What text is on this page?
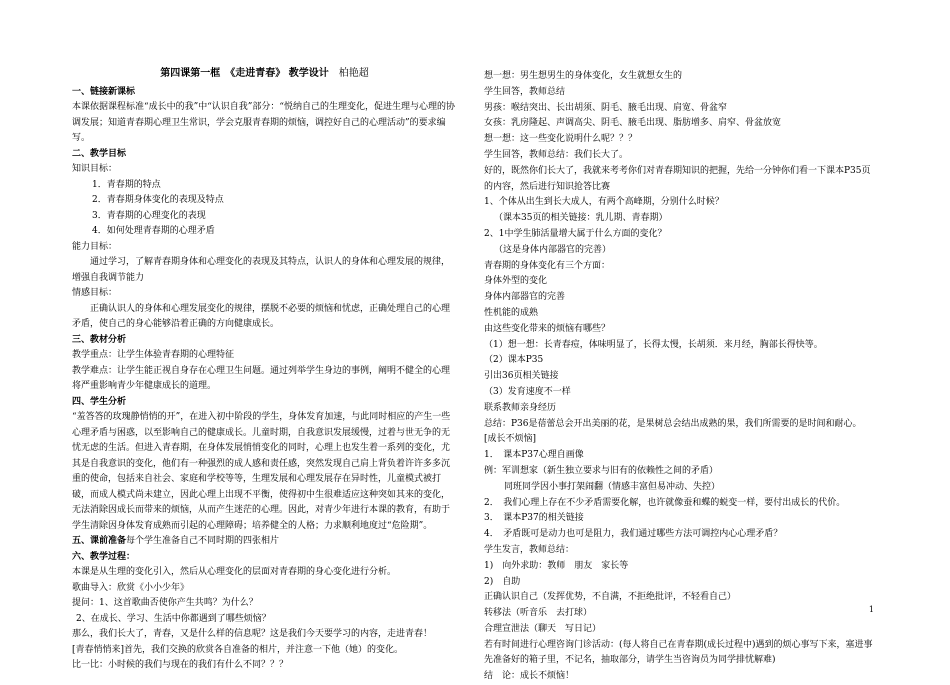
第四课第一框　《走进青春》 教学设计 柏艳超
一、链接新课标
本课依据课程标准“成长中的我”中“认识自我”部分：“悦纳自己的生理变化，促进生理与心理的协调发展；知道青春期心理卫生常识，学会克服青春期的烦恼，调控好自己的心理活动”的要求编写。
二、教学目标
知识目标：
1．青春期的特点
2．青春期身体变化的表现及特点
3．青春期的心理变化的表现
4．如何处理青春期的心理矛盾
能力目标：
通过学习，了解青春期身体和心理变化的表现及其特点，认识人的身体和心理发展的规律，增强自我调节能力
情感目标：
正确认识人的身体和心理发展变化的规律，摆脱不必要的烦恼和忧虑，正确处理自己的心理矛盾，使自己的身心能够沿着正确的方向健康成长。
三、教材分析
教学重点：让学生体验青春期的心理特征
教学难点：让学生能正视自身存在心理卫生问题。通过列举学生身边的事例，阐明不健全的心理将严重影响青少年健康成长的道理。
四、学生分析
“羞答答的玫瑰静悄悄的开”，在进入初中阶段的学生，身体发育加速，与此同时相应的产生一些心理矛盾与困惑，以至影响自己的健康成长。儿童时期，自我意识发展缓慢，过着与世无争的无忧无虑的生活。但进入青春期，在身体发展悄悄变化的同时，心理上也发生着一系列的变化，尤其是自我意识的变化，他们有一种强烈的成人感和责任感，突然发现自己肩上背负着许许多多沉重的使命，包括来自社会、家庭和学校等等，生理发展和心理发展存在异时性，儿童模式被打破，而成人模式尚未建立，因此心理上出现不平衡，使得初中生很难适应这种突如其来的变化，无法消除因成长而带来的烦恼，从而产生迷茫的心理。因此，对青少年进行本课的教育，有助于学生清除因身体发育成熟而引起的心理障碍；培养健全的人格；力求顺利地度过“危险期”。
五、课前准备每个学生准备自己不同时期的四张相片
六、教学过程：
本课是从生理的变化引入，然后从心理变化的层面对青春期的身心变化进行分析。
歌曲导入：欣赏《小小少年》
提问：1、这首歌曲否使你产生共鸣？为什么？
2、在成长、学习、生活中你都遇到了哪些烦恼？
那么，我们长大了，青春，又是什么样的信息呢？这是我们今天要学习的内容，走进青春！
[青春悄悄来]首先，我们交换的欣赏各自准备的相片，并注意一下他（她）的变化。
比一比：小时候的我们与现在的我们有什么不同？？？
想一想：男生想男生的身体变化，女生就想女生的
学生回答，教师总结
男孩：喉结突出、长出胡须、阴毛、腋毛出现、肩宽、骨盆窄
女孩：乳房隆起、声调高尖、阴毛、腋毛出现、脂肪增多、肩窄、骨盆放宽
想一想：这一些变化说明什么呢？？？
学生回答，教师总结：我们长大了。
好的，既然你们长大了，我就来考考你们对青春期知识的把握，先给一分钟你们看一下课本P35页的内容，然后进行知识抢答比赛
1、个体从出生到长大成人，有两个高峰期，分别什么时候？
（课本35页的相关链接：乳儿期、青春期）
2、1中学生肺活量增大属于什么方面的变化？
（这是身体内部器官的完善）
青春期的身体变化有三个方面：
身体外型的变化
身体内部器官的完善
性机能的成熟
由这些变化带来的烦恼有哪些？
（1）想一想：长青春痘，体味明显了，长得太慢，长胡须．来月经，胸部长得快等。
（2）课本P35
引出36页相关链接
（3）发育速度不一样
联系教师亲身经历
总结：P36是蓓蕾总会开出美丽的花，是果树总会结出成熟的果，我们所需要的是时间和耐心。
[成长不烦恼]
1．　课本P37心理自画像
例：军训想家（新生独立要求与旧有的依赖性之间的矛盾）
同班同学因小事打架闹翻（情感丰富但易冲动、失控）
2．　我们心理上存在不少矛盾需要化解，也许就像蚕和蝶的蜕变一样，要付出成长的代价。
3．　课本P37的相关链接
4．　矛盾既可是动力也可是阻力，我们通过哪些方法可调控内心心理矛盾？
学生发言，教师总结：
1)　向外求助：教师　朋友　家长等
2)　自助
正确认识自己（发挥优势，不自满，不拒绝批评，不轻看自己）
转移法（听音乐　去打球）
合理宣泄法（聊天　写日记）
若有时间进行心理咨询门诊活动：(每人将自己在青春期(成长过程中)遇到的烦心事写下来，塞进事先准备好的箱子里，不记名，抽取部分，请学生当咨询员为同学排忧解难)
结　论：成长不烦恼！
1
